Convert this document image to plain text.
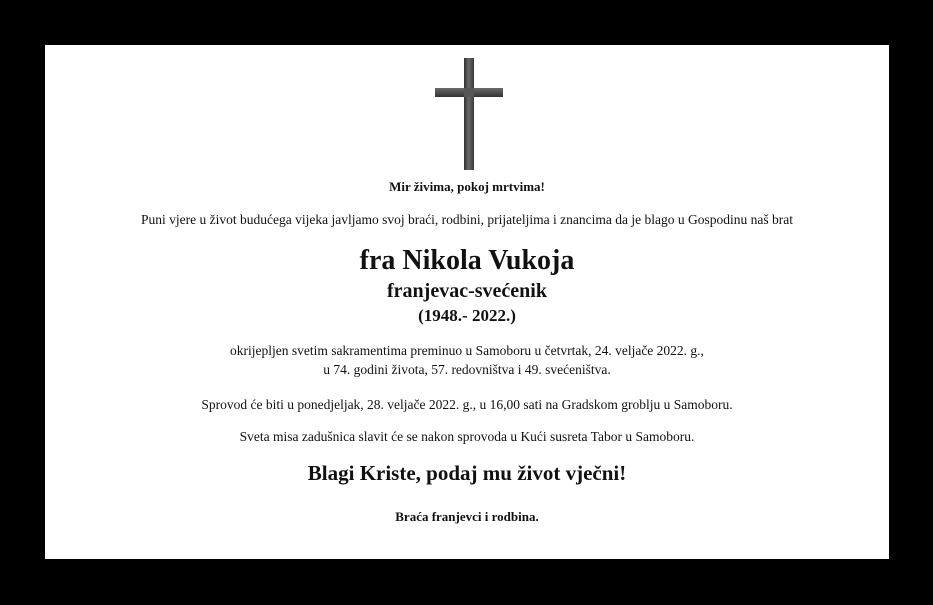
Mir živima, pokoj mrtvima!
Puni vjere u život budućega vijeka javljamo svoj braći, rodbini, prijateljima i znancima da je blago u Gospodinu naš brat
fra Nikola Vukoja
franjevac-svećenik
(1948.- 2022.)
okrijepljen svetim sakramentima preminuo u Samoboru u četvrtak, 24. veljače 2022. g.,
u 74. godini života, 57. redovništva i 49. svećeništva.
Sprovod će biti u ponedjeljak, 28. veljače 2022. g., u 16,00 sati na Gradskom groblju u Samoboru.
Sveta misa zadušnica slavit će se nakon sprovoda u Kući susreta Tabor u Samoboru.
Blagi Kriste, podaj mu život vječni!
Braća franjevci i rodbina.
